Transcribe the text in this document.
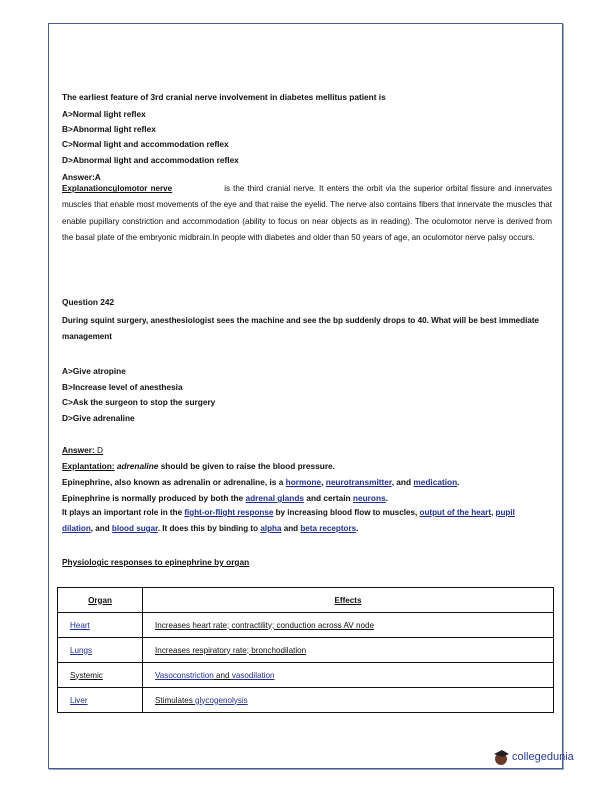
The earliest feature of 3rd cranial nerve involvement in diabetes mellitus patient is
A>Normal light reflex
B>Abnormal light reflex
C>Normal light and accommodation reflex
D>Abnormal light and accommodation reflex
Answer:A
Explanationcu̲lomotor nerve	is the third cranial nerve. It enters the orbit via the superior orbital fissure and innervates muscles that enable most movements of the eye and that raise the eyelid. The nerve also contains fibers that innervate the muscles that enable pupillary constriction and accommodation (ability to focus on near objects as in reading). The oculomotor nerve is derived from the basal plate of the embryonic midbrain.In people with diabetes and older than 50 years of age, an oculomotor nerve palsy occurs.
Question 242
During squint surgery, anesthesiologist sees the machine and see the bp suddenly drops to 40. What will be best immediate management
A>Give atropine
B>Increase level of anesthesia
C>Ask the surgeon to stop the surgery
D>Give adrenaline
Answer: D
Explantation: adrenaline should be given to raise the blood pressure.
Epinephrine, also known as adrenalin or adrenaline, is a hormone, neurotransmitter, and medication.
Epinephrine is normally produced by both the adrenal glands and certain neurons.
It plays an important role in the fight-or-flight response by increasing blood flow to muscles, output of the heart, pupil dilation, and blood sugar. It does this by binding to alpha and beta receptors.
Physiologic responses to epinephrine by organ
Organ	Effects
Heart	Increases heart rate; contractility; conduction across AV node
Lungs	Increases respiratory rate; bronchodilation
Systemic	Vasoconstriction and vasodilation
Liver	Stimulates glycogenolysis
collegedunia
